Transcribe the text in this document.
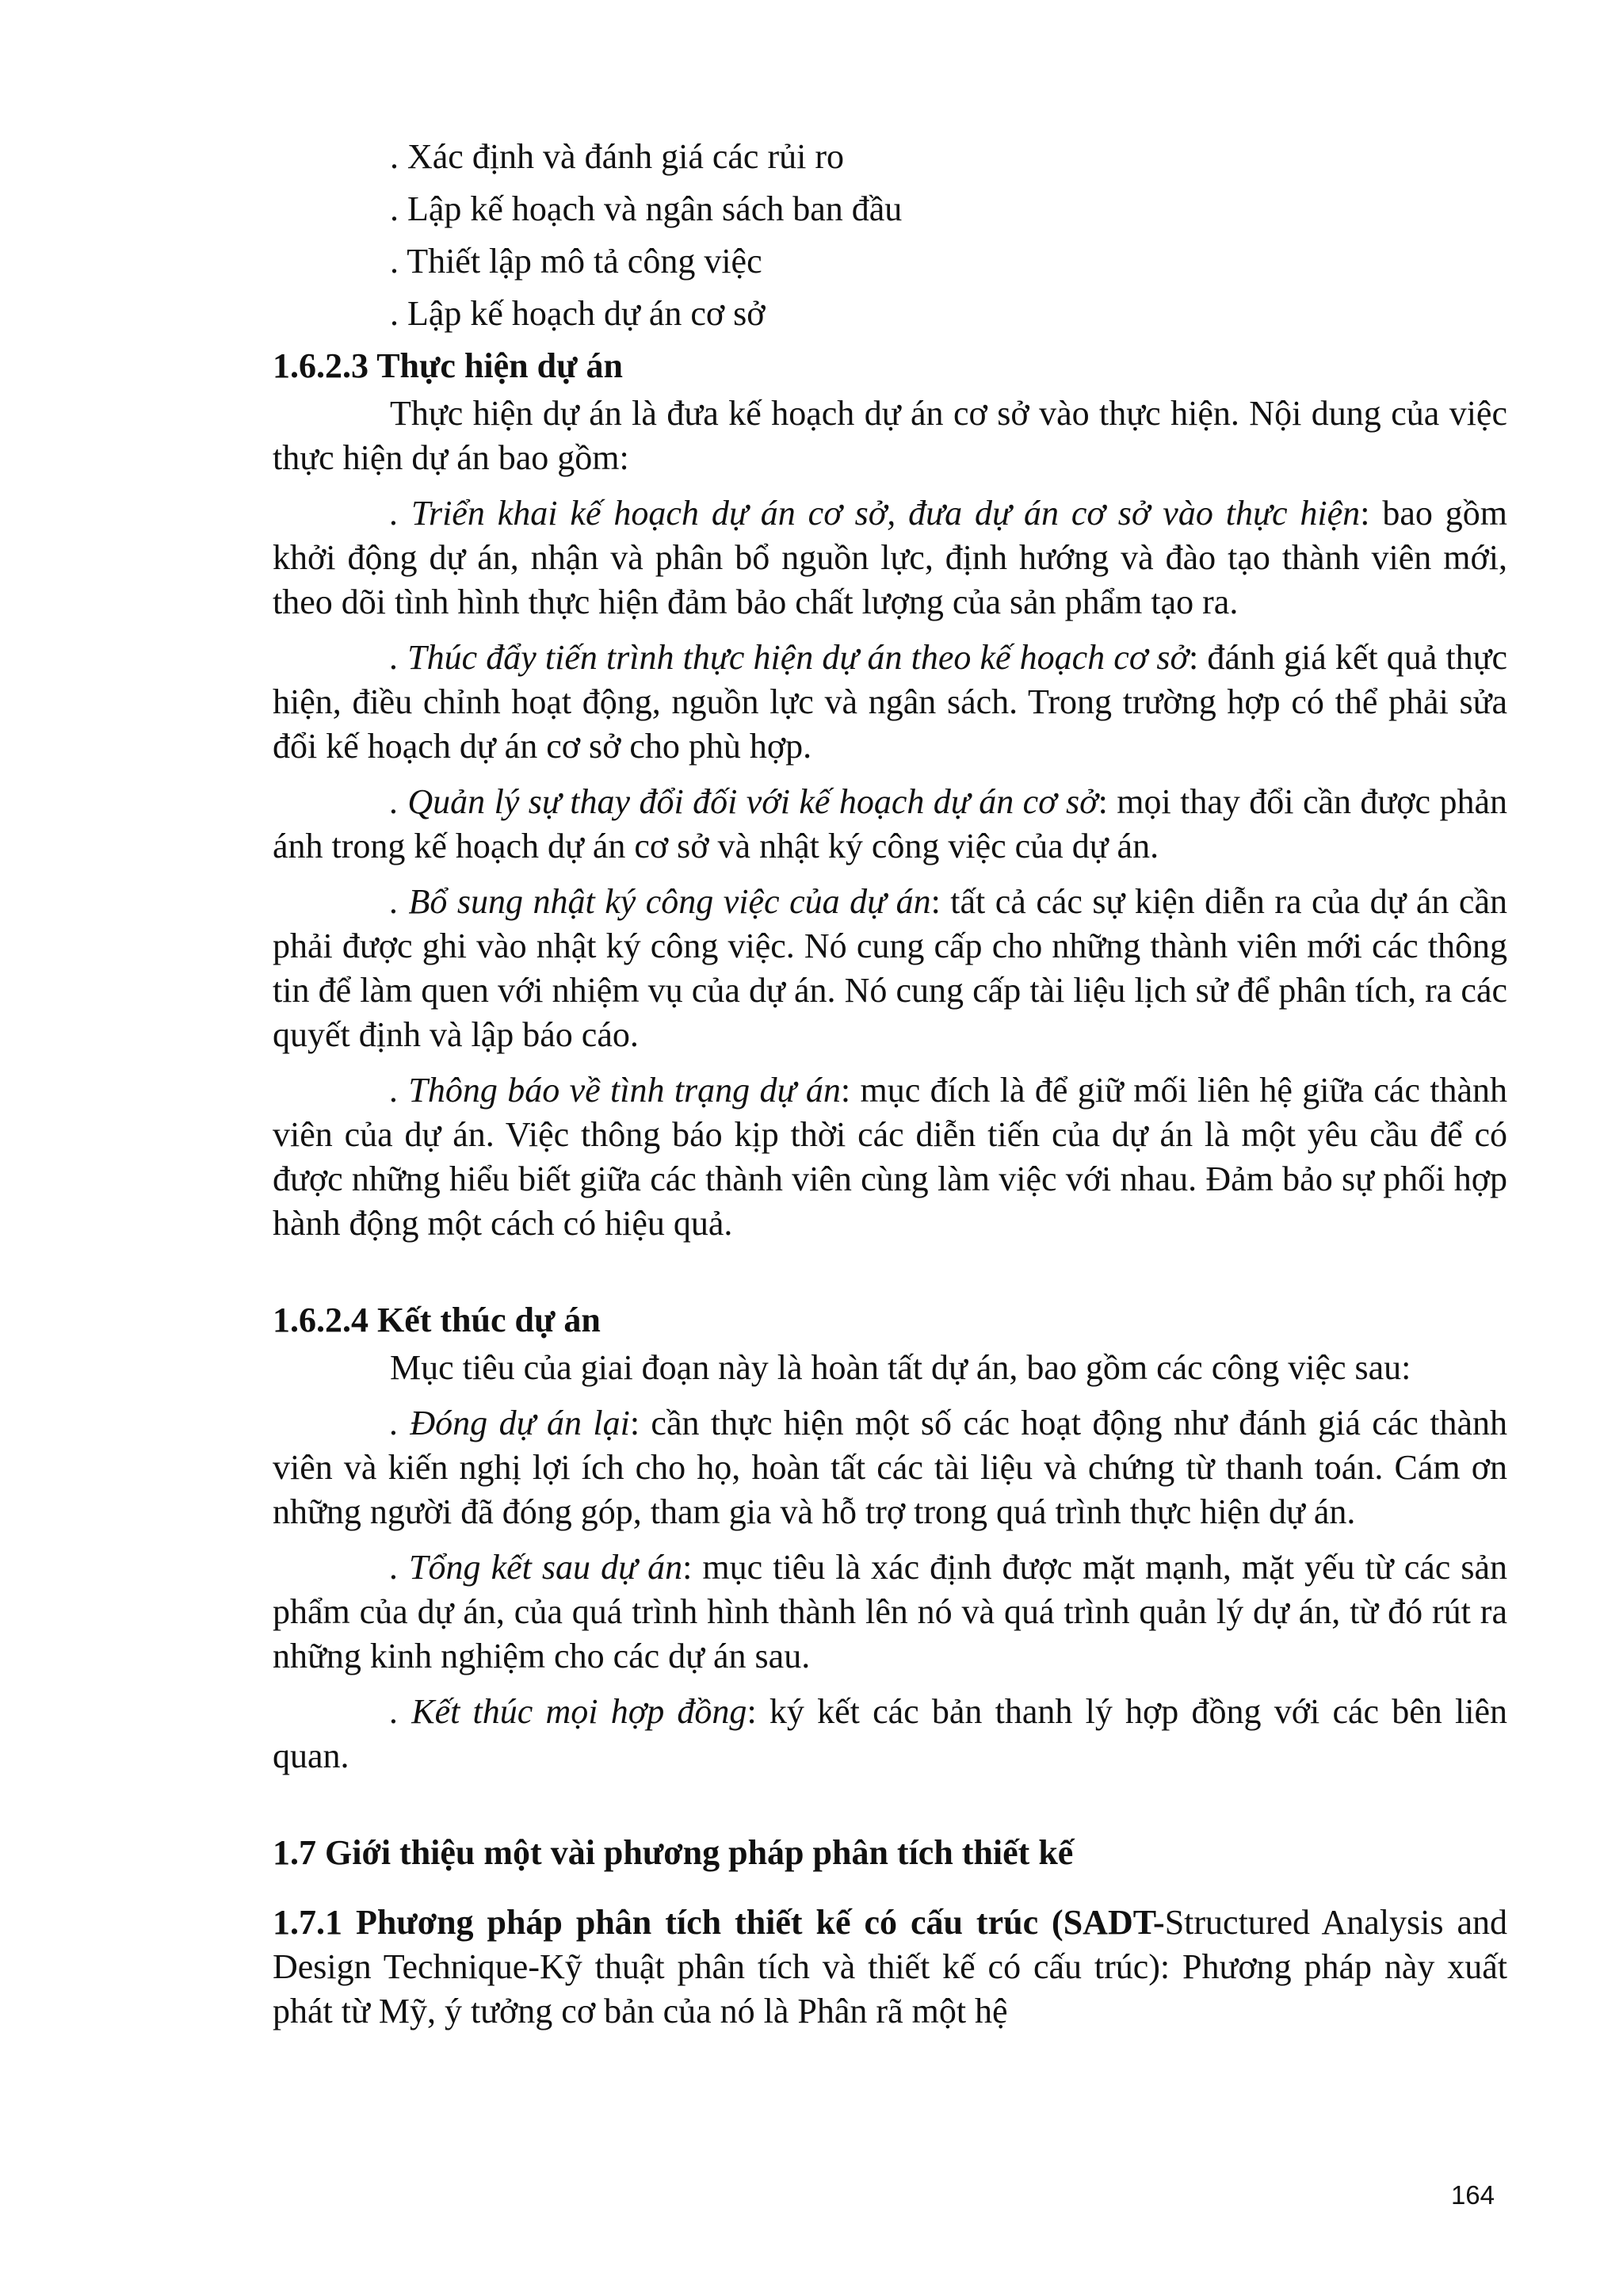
. Xác định và đánh giá các rủi ro
. Lập kế hoạch và ngân sách ban đầu
. Thiết lập mô tả công việc
. Lập kế hoạch dự án cơ sở
1.6.2.3 Thực hiện dự án

Thực hiện dự án là đưa kế hoạch dự án cơ sở vào thực hiện. Nội dung của việc thực hiện dự án bao gồm:

. Triển khai kế hoạch dự án cơ sở, đưa dự án cơ sở vào thực hiện: bao gồm khởi động dự án, nhận và phân bổ nguồn lực, định hướng và đào tạo thành viên mới, theo dõi tình hình thực hiện đảm bảo chất lượng của sản phẩm tạo ra.

. Thúc đẩy tiến trình thực hiện dự án theo kế hoạch cơ sở: đánh giá kết quả thực hiện, điều chỉnh hoạt động, nguồn lực và ngân sách. Trong trường hợp có thể phải sửa đổi kế hoạch dự án cơ sở cho phù hợp.

. Quản lý sự thay đổi đối với kế hoạch dự án cơ sở: mọi thay đổi cần được phản ánh trong kế hoạch dự án cơ sở và nhật ký công việc của dự án.

. Bổ sung nhật ký công việc của dự án: tất cả các sự kiện diễn ra của dự án cần phải được ghi vào nhật ký công việc. Nó cung cấp cho những thành viên mới các thông tin để làm quen với nhiệm vụ của dự án. Nó cung cấp tài liệu lịch sử để phân tích, ra các quyết định và lập báo cáo.

. Thông báo về tình trạng dự án: mục đích là để giữ mối liên hệ giữa các thành viên của dự án. Việc thông báo kịp thời các diễn tiến của dự án là một yêu cầu để có được những hiểu biết giữa các thành viên cùng làm việc với nhau. Đảm bảo sự phối hợp hành động một cách có hiệu quả.

1.6.2.4 Kết thúc dự án

Mục tiêu của giai đoạn này là hoàn tất dự án, bao gồm các công việc sau:

. Đóng dự án lại: cần thực hiện một số các hoạt động như đánh giá các thành viên và kiến nghị lợi ích cho họ, hoàn tất các tài liệu và chứng từ thanh toán. Cám ơn những người đã đóng góp, tham gia và hỗ trợ trong quá trình thực hiện dự án.

. Tổng kết sau dự án: mục tiêu là xác định được mặt mạnh, mặt yếu từ các sản phẩm của dự án, của quá trình hình thành lên nó và quá trình quản lý dự án, từ đó rút ra những kinh nghiệm cho các dự án sau.

. Kết thúc mọi hợp đồng: ký kết các bản thanh lý hợp đồng với các bên liên quan.

1.7 Giới thiệu một vài phương pháp phân tích thiết kế

1.7.1 Phương pháp phân tích thiết kế có cấu trúc (SADT-Structured Analysis and Design Technique-Kỹ thuật phân tích và thiết kế có cấu trúc): Phương pháp này xuất phát từ Mỹ, ý tưởng cơ bản của nó là Phân rã một hệ

164
